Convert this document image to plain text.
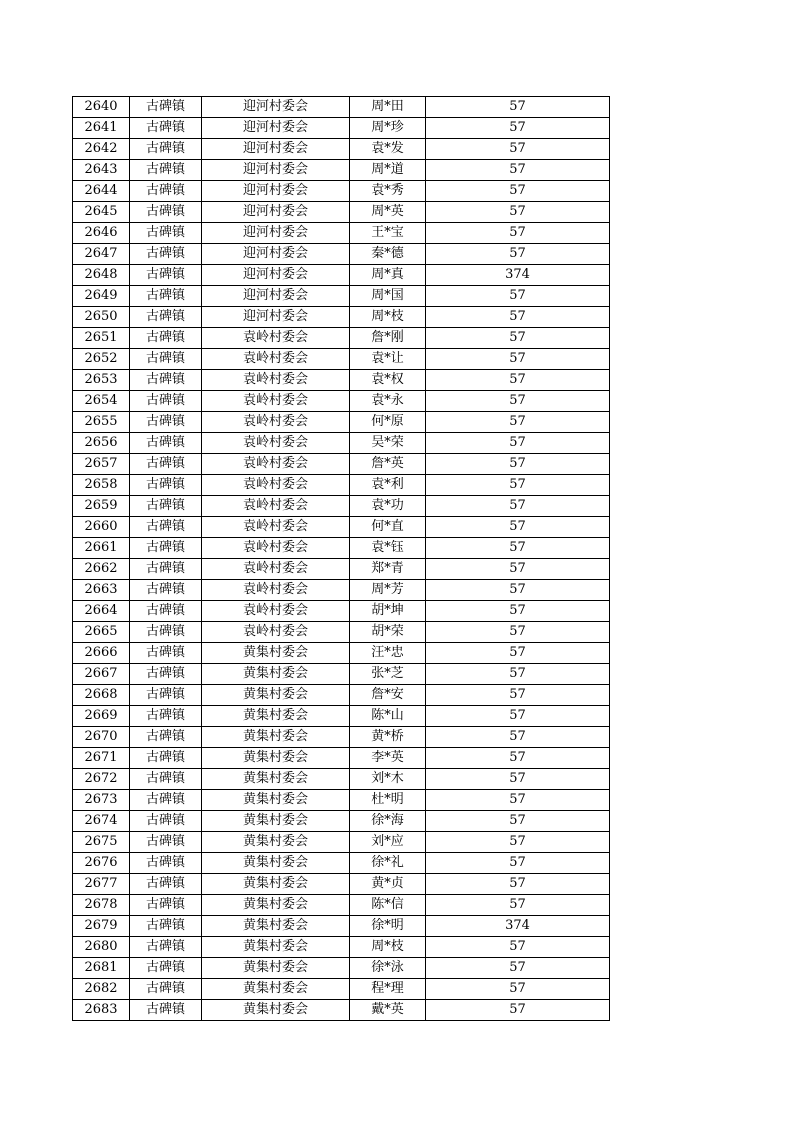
2640	古碑镇	迎河村委会	周*田	57
2641	古碑镇	迎河村委会	周*珍	57
2642	古碑镇	迎河村委会	袁*发	57
2643	古碑镇	迎河村委会	周*道	57
2644	古碑镇	迎河村委会	袁*秀	57
2645	古碑镇	迎河村委会	周*英	57
2646	古碑镇	迎河村委会	王*宝	57
2647	古碑镇	迎河村委会	秦*德	57
2648	古碑镇	迎河村委会	周*真	374
2649	古碑镇	迎河村委会	周*国	57
2650	古碑镇	迎河村委会	周*枝	57
2651	古碑镇	袁岭村委会	詹*刚	57
2652	古碑镇	袁岭村委会	袁*让	57
2653	古碑镇	袁岭村委会	袁*权	57
2654	古碑镇	袁岭村委会	袁*永	57
2655	古碑镇	袁岭村委会	何*原	57
2656	古碑镇	袁岭村委会	吴*荣	57
2657	古碑镇	袁岭村委会	詹*英	57
2658	古碑镇	袁岭村委会	袁*利	57
2659	古碑镇	袁岭村委会	袁*功	57
2660	古碑镇	袁岭村委会	何*直	57
2661	古碑镇	袁岭村委会	袁*钰	57
2662	古碑镇	袁岭村委会	郑*青	57
2663	古碑镇	袁岭村委会	周*芳	57
2664	古碑镇	袁岭村委会	胡*坤	57
2665	古碑镇	袁岭村委会	胡*荣	57
2666	古碑镇	黄集村委会	汪*忠	57
2667	古碑镇	黄集村委会	张*芝	57
2668	古碑镇	黄集村委会	詹*安	57
2669	古碑镇	黄集村委会	陈*山	57
2670	古碑镇	黄集村委会	黄*桥	57
2671	古碑镇	黄集村委会	李*英	57
2672	古碑镇	黄集村委会	刘*木	57
2673	古碑镇	黄集村委会	杜*明	57
2674	古碑镇	黄集村委会	徐*海	57
2675	古碑镇	黄集村委会	刘*应	57
2676	古碑镇	黄集村委会	徐*礼	57
2677	古碑镇	黄集村委会	黄*贞	57
2678	古碑镇	黄集村委会	陈*信	57
2679	古碑镇	黄集村委会	徐*明	374
2680	古碑镇	黄集村委会	周*枝	57
2681	古碑镇	黄集村委会	徐*泳	57
2682	古碑镇	黄集村委会	程*理	57
2683	古碑镇	黄集村委会	戴*英	57
